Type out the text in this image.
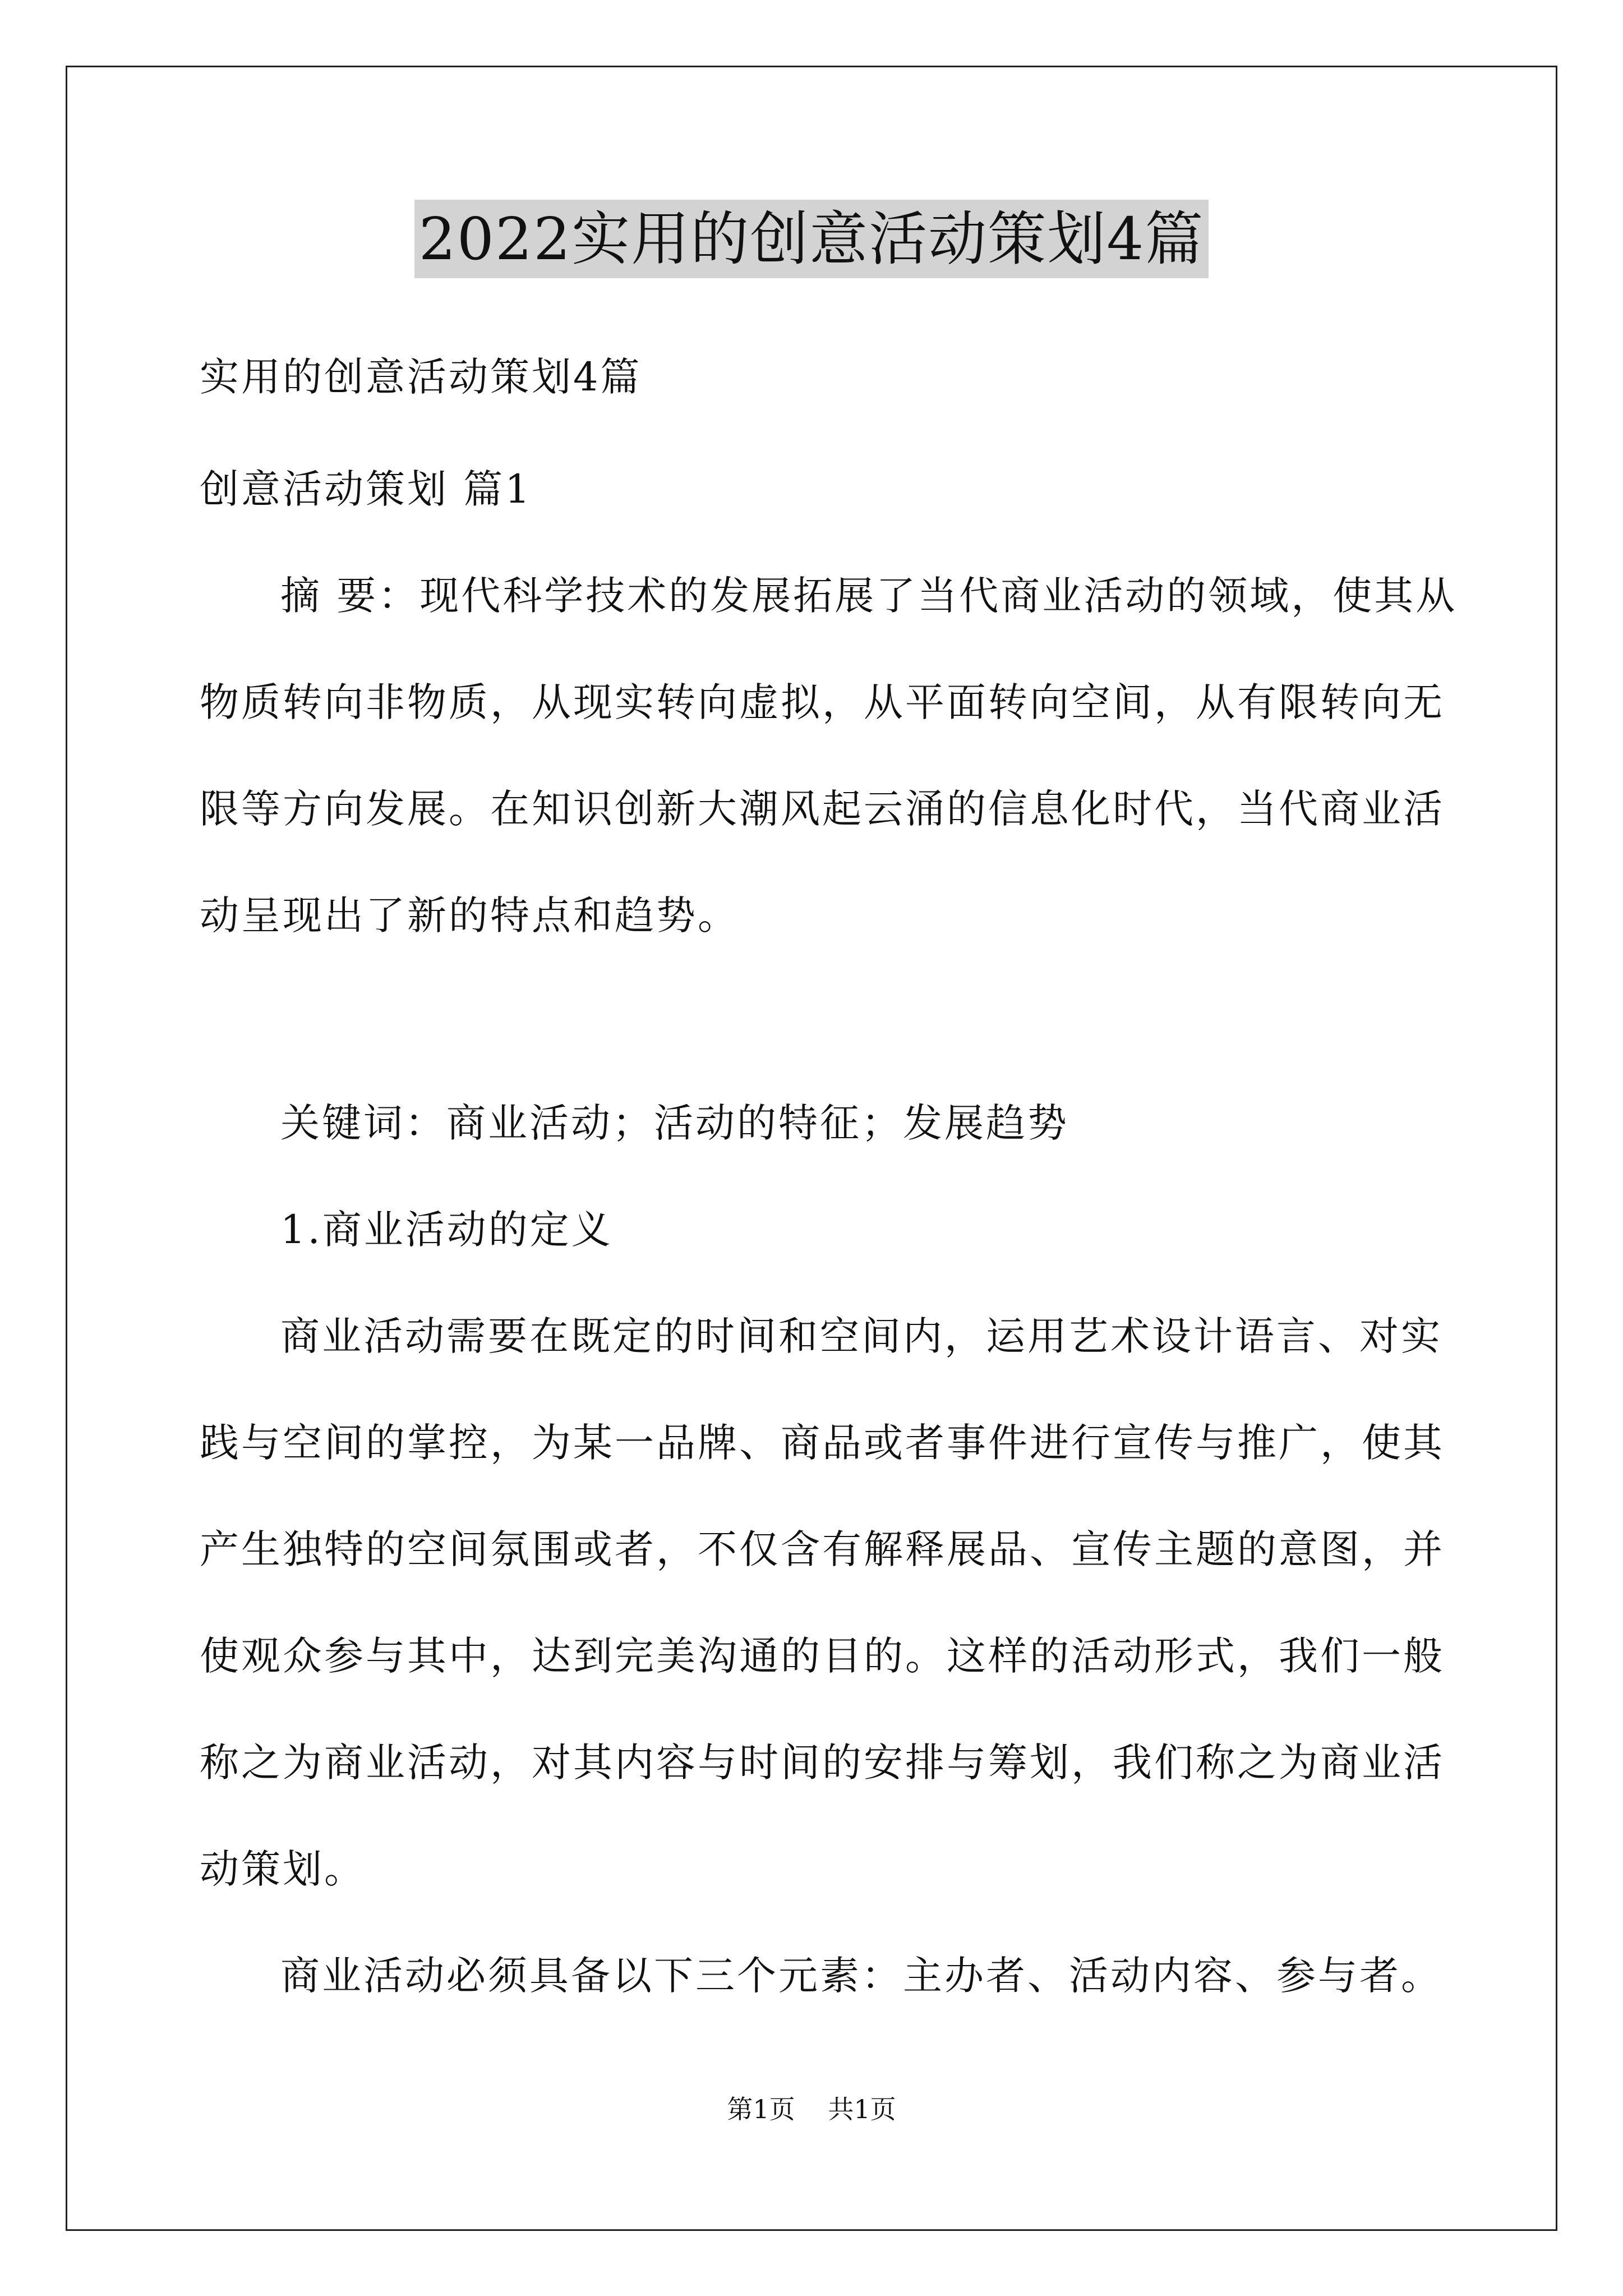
2022实用的创意活动策划4篇
实用的创意活动策划4篇
创意活动策划 篇1
摘 要：现代科学技术的发展拓展了当代商业活动的领域，使其从
物质转向非物质，从现实转向虚拟，从平面转向空间，从有限转向无
限等方向发展。在知识创新大潮风起云涌的信息化时代，当代商业活
动呈现出了新的特点和趋势。
关键词：商业活动；活动的特征；发展趋势
1.商业活动的定义
商业活动需要在既定的时间和空间内，运用艺术设计语言、对实
践与空间的掌控，为某一品牌、商品或者事件进行宣传与推广，使其
产生独特的空间氛围或者，不仅含有解释展品、宣传主题的意图，并
使观众参与其中，达到完美沟通的目的。这样的活动形式，我们一般
称之为商业活动，对其内容与时间的安排与筹划，我们称之为商业活
动策划。
商业活动必须具备以下三个元素：主办者、活动内容、参与者。
第1页 共1页
